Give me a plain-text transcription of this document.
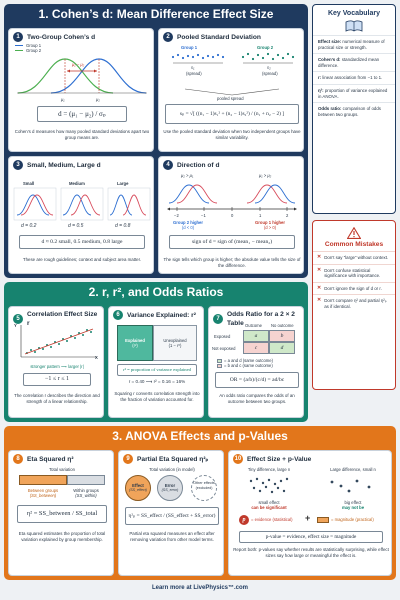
1. Cohen’s d: Mean Difference Effect Size
1	Two-Group Cohen’s d
Group 1
Group 2
μ₁ − μ₂
μ₁	μ₂
d = (μ₁ − μ₂) / σₚ
Cohen’s d measures how many pooled standard deviations apart two group means are.
2	Pooled Standard Deviation
Group 1	Group 2
s₁
(spread)
s₂
(spread)
pooled spread
sₚ = √[ ((n₁ − 1)s₁² + (n₂ − 1)s₂²) / (n₁ + n₂ − 2) ]
Use the pooled standard deviation when two independent groups have similar variability.
3	Small, Medium, Large d
Small	Medium	Large
d = 0.2	d = 0.5	d = 0.8
d ≈ 0.2 small, 0.5 medium, 0.8 large
These are rough guidelines; context and subject area matter.
4	Direction of d
μ₂ > μ₁	μ₁ > μ₂
−2	−1	0	1	2
Group 2 higher
(d < 0)
Group 1 higher
(d > 0)
sign of d = sign of (mean₁ − mean₂)
The sign tells which group is higher; the absolute value tells the size of the difference.
Key Vocabulary
Effect size: numerical measure of practical size or strength.
Cohen’s d: standardized mean difference.
r: linear association from −1 to 1.
η²: proportion of variance explained in ANOVA.
Odds ratio: comparison of odds between two groups.
Common Mistakes
✕ Don’t say “large” without context.
✕ Don’t confuse statistical significance with importance.
✕ Don’t ignore the sign of d or r.
✕ Don’t compare η² and partial η²ₚ as if identical.
2. r, r², and Odds Ratios
5
Correlation Effect Size r
Y
X
stronger pattern ⟶ larger |r|
−1 ≤ r ≤ 1
The correlation r describes the direction and strength of a linear relationship.
6	Variance Explained: r²
Explained
(r²)
Unexplained
(1 − r²)
r² = proportion of variance explained
r = 0.40 ⟶ r² = 0.16 = 16%
Squaring r converts correlation strength into the fraction of variation accounted for.
7
Odds Ratio for a 2 × 2 Table Outcome No outcome
Exposed
Not exposed
a	b
c	d
= a and d (same outcome)
= b and c (same outcome)
OR = (a/b)/(c/d) = ad/bc
An odds ratio compares the odds of an outcome between two groups.
3. ANOVA Effects and p-Values
8	Eta Squared η²
Total variation
Between groups
(SS_between)
Within groups
(SS_within)
η² = SS_between / SS_total
Eta squared estimates the proportion of total variation explained by group membership.
9	Partial Eta Squared η²ₚ
Total variation (in model)
Effect
(SS_effect)
Error
(SS_error)
Other effects
(excluded)
η²ₚ = SS_effect / (SS_effect + SS_error)
Partial eta squared measures an effect after removing variation from other model terms.
10 Effect Size + p-Value
Tiny difference, large n	Large difference, small n
small effect
can be significant
big effect
may not be
p	= evidence (statistical) +	= magnitude (practical)
p-value = evidence, effect size = magnitude
Report both: p-values say whether results are statistically surprising, while effect sizes say how large or meaningful the effect is.
Learn more at LivePhysics™.com
